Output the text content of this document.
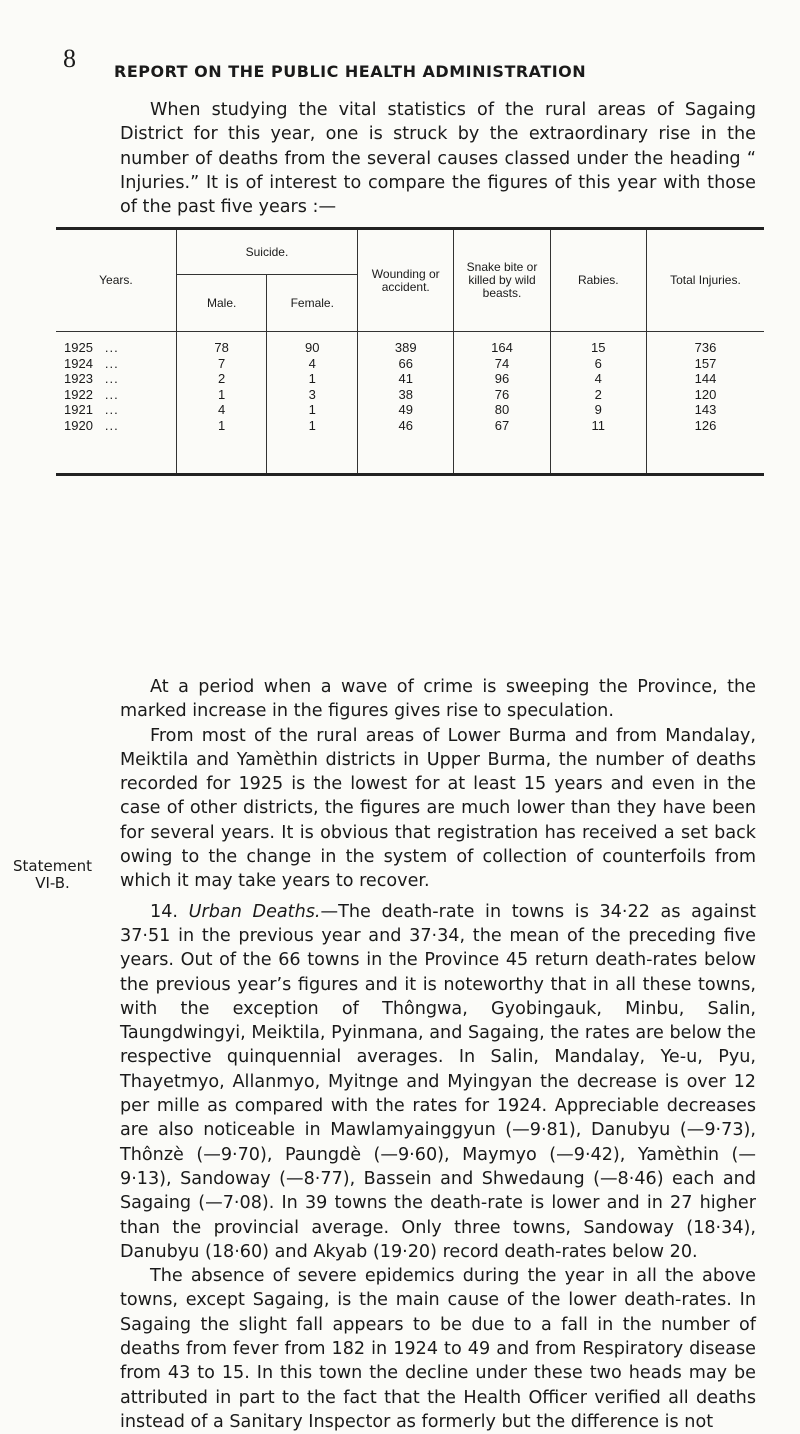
8 REPORT ON THE PUBLIC HEALTH ADMINISTRATION

When studying the vital statistics of the rural areas of Sagaing District for this year, one is struck by the extraordinary rise in the number of deaths from the several causes classed under the heading “ Injuries.” It is of interest to compare the figures of this year with those of the past five years :—

Years.	Suicide.		Wounding or accident.	Snake bite or killed by wild beasts.	Rabies.	Total Injuries.
	Male.	Female.				
1925 ...	78	90	389	164	15	736
1924 ...	7	4	66	74	6	157
1923 ...	2	1	41	96	4	144
1922 ...	1	3	38	76	2	120
1921 ...	4	1	49	80	9	143
1920 ...	1	1	46	67	11	126

At a period when a wave of crime is sweeping the Province, the marked increase in the figures gives rise to speculation.

From most of the rural areas of Lower Burma and from Mandalay, Meiktila and Yamèthin districts in Upper Burma, the number of deaths recorded for 1925 is the lowest for at least 15 years and even in the case of other districts, the figures are much lower than they have been for several years. It is obvious that registration has received a set back owing to the change in the system of collection of counterfoils from which it may take years to recover.

14. Urban Deaths.—The death-rate in towns is 34·22 as against 37·51 in the previous year and 37·34, the mean of the preceding five years. Out of the 66 towns in the Province 45 return death-rates below the previous year’s figures and it is noteworthy that in all these towns, with the exception of Thôngwa, Gyobingauk, Minbu, Salin, Taungdwingyi, Meiktila, Pyinmana, and Sagaing, the rates are below the respective quinquennial averages. In Salin, Mandalay, Ye-u, Pyu, Thayetmyo, Allanmyo, Myitnge and Myingyan the decrease is over 12 per mille as compared with the rates for 1924. Appreciable decreases are also noticeable in Mawlamyainggyun (—9·81), Danubyu (—9·73), Thônzè (—9·70), Paungdè (—9·60), Maymyo (—9·42), Yamèthin (—9·13), Sandoway (—8·77), Bassein and Shwedaung (—8·46) each and Sagaing (—7·08). In 39 towns the death-rate is lower and in 27 higher than the provincial average. Only three towns, Sandoway (18·34), Danubyu (18·60) and Akyab (19·20) record death-rates below 20.

The absence of severe epidemics during the year in all the above towns, except Sagaing, is the main cause of the lower death-rates. In Sagaing the slight fall appears to be due to a fall in the number of deaths from fever from 182 in 1924 to 49 and from Respiratory disease from 43 to 15. In this town the decline under these two heads may be attributed in part to the fact that the Health Officer verified all deaths instead of a Sanitary Inspector as formerly but the difference is not

Statement VI-B.
